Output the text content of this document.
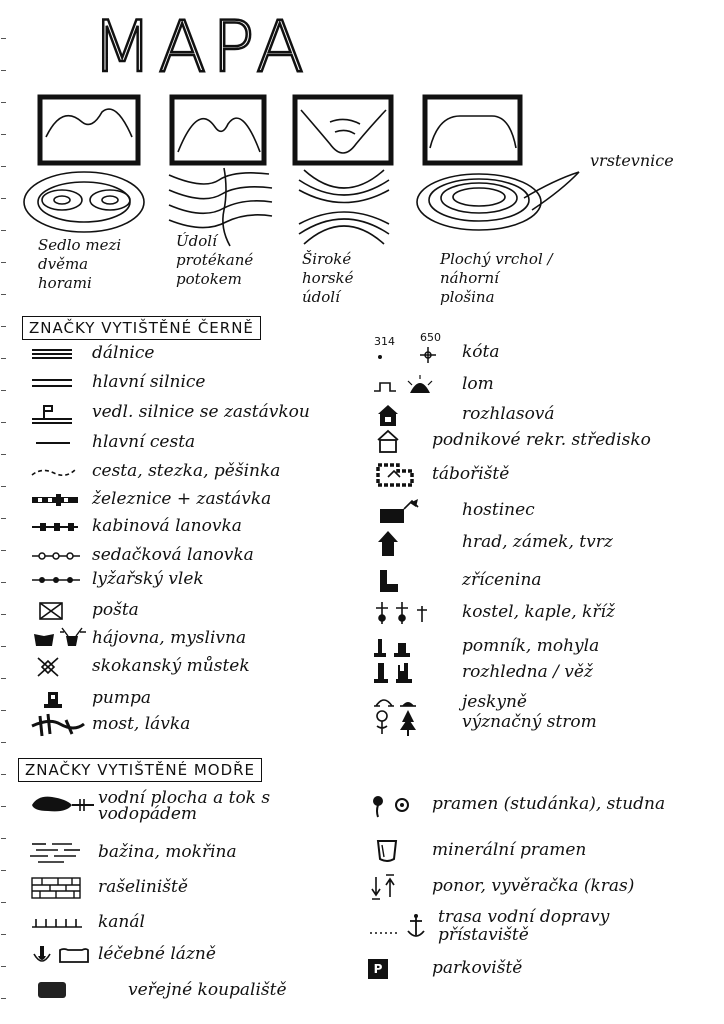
MAPA
vrstevnice
Sedlo mezi
dvěma
horami
Údolí
protékané
potokem
Široké
horské
údolí
Plochý vrchol /
náhorní
plošina
ZNAČKY VYTIŠTĚNÉ ČERNĚ
dálnice
hlavní silnice
vedl. silnice se zastávkou
hlavní cesta
cesta, stezka, pěšinka
železnice + zastávka
kabinová lanovka
sedačková lanovka
lyžařský vlek
pošta
hájovna, myslivna
skokanský můstek
pumpa
most, lávka
314 650
kóta
lom
rozhlasová
podnikové rekr. středisko
tábořiště
hostinec
hrad, zámek, tvrz
zřícenina
kostel, kaple, kříž
pomník, mohyla
rozhledna / věž
jeskyně
význačný strom
ZNAČKY VYTIŠTĚNÉ MODŘE
vodní plocha a tok s vodopádem
bažina, mokřina
rašeliniště
kanál
léčebné lázně
veřejné koupaliště
pramen (studánka), studna
minerální pramen
ponor, vyvěračka (kras)
trasa vodní dopravy přístaviště
P	parkoviště
